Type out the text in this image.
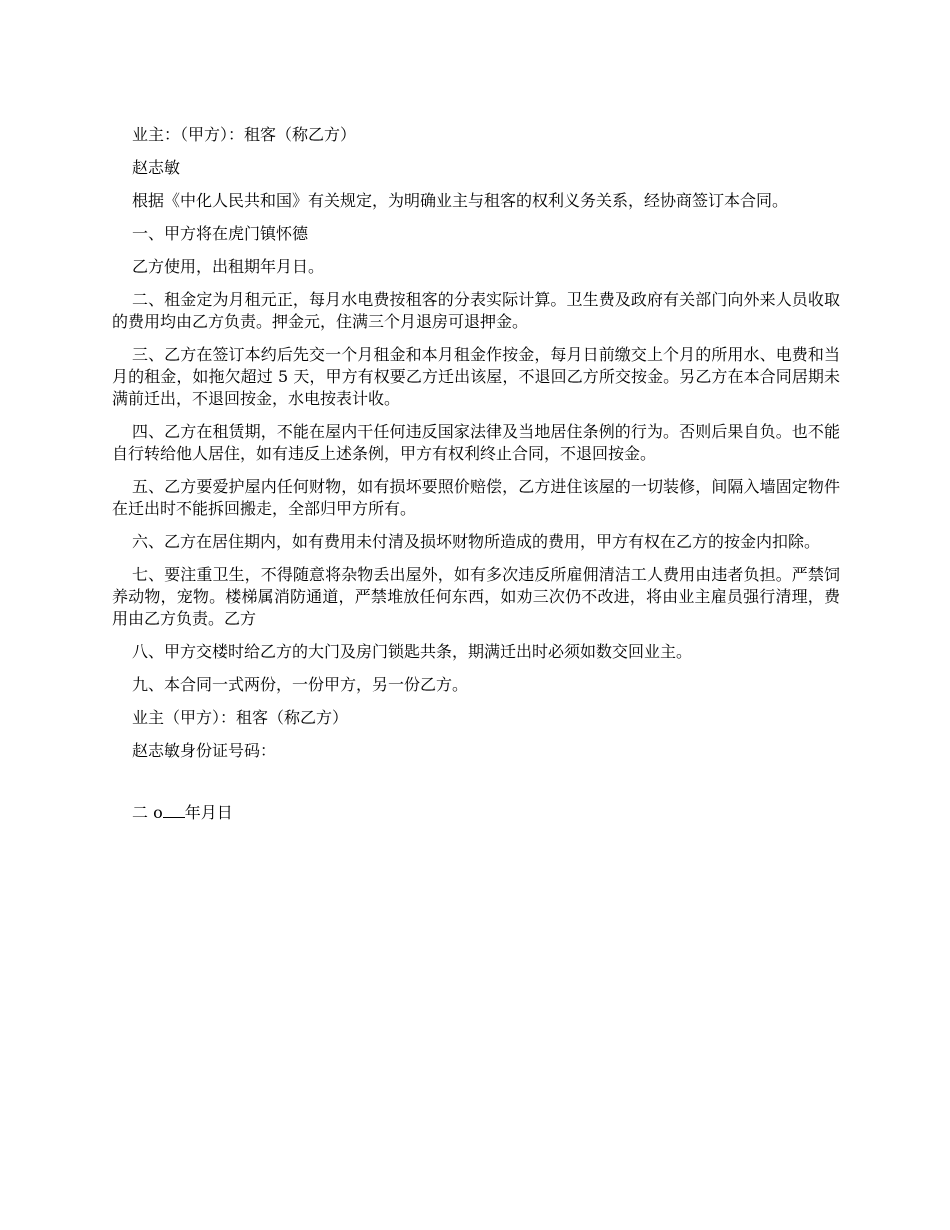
业主：（甲方）：租客（称乙方）

赵志敏

根据《中化人民共和国》有关规定，为明确业主与租客的权利义务关系，经协商签订本合同。

一、甲方将在虎门镇怀德

乙方使用，出租期年月日。

二、租金定为月租元正，每月水电费按租客的分表实际计算。卫生费及政府有关部门向外来人员收取的费用均由乙方负责。押金元，住满三个月退房可退押金。

三、乙方在签订本约后先交一个月租金和本月租金作按金，每月日前缴交上个月的所用水、电费和当月的租金，如拖欠超过 5 天，甲方有权要乙方迁出该屋，不退回乙方所交按金。另乙方在本合同居期未满前迁出，不退回按金，水电按表计收。

四、乙方在租赁期，不能在屋内干任何违反国家法律及当地居住条例的行为。否则后果自负。也不能自行转给他人居住，如有违反上述条例，甲方有权利终止合同，不退回按金。

五、乙方要爱护屋内任何财物，如有损坏要照价赔偿，乙方进住该屋的一切装修，间隔入墙固定物件在迁出时不能拆回搬走，全部归甲方所有。

六、乙方在居住期内，如有费用未付清及损坏财物所造成的费用，甲方有权在乙方的按金内扣除。

七、要注重卫生，不得随意将杂物丢出屋外，如有多次违反所雇佣清洁工人费用由违者负担。严禁饲养动物，宠物。楼梯属消防通道，严禁堆放任何东西，如劝三次仍不改进，将由业主雇员强行清理，费用由乙方负责。乙方

八、甲方交楼时给乙方的大门及房门锁匙共条，期满迁出时必须如数交回业主。

九、本合同一式两份，一份甲方，另一份乙方。

业主（甲方）：租客（称乙方）

赵志敏身份证号码：

二 o 年月日
